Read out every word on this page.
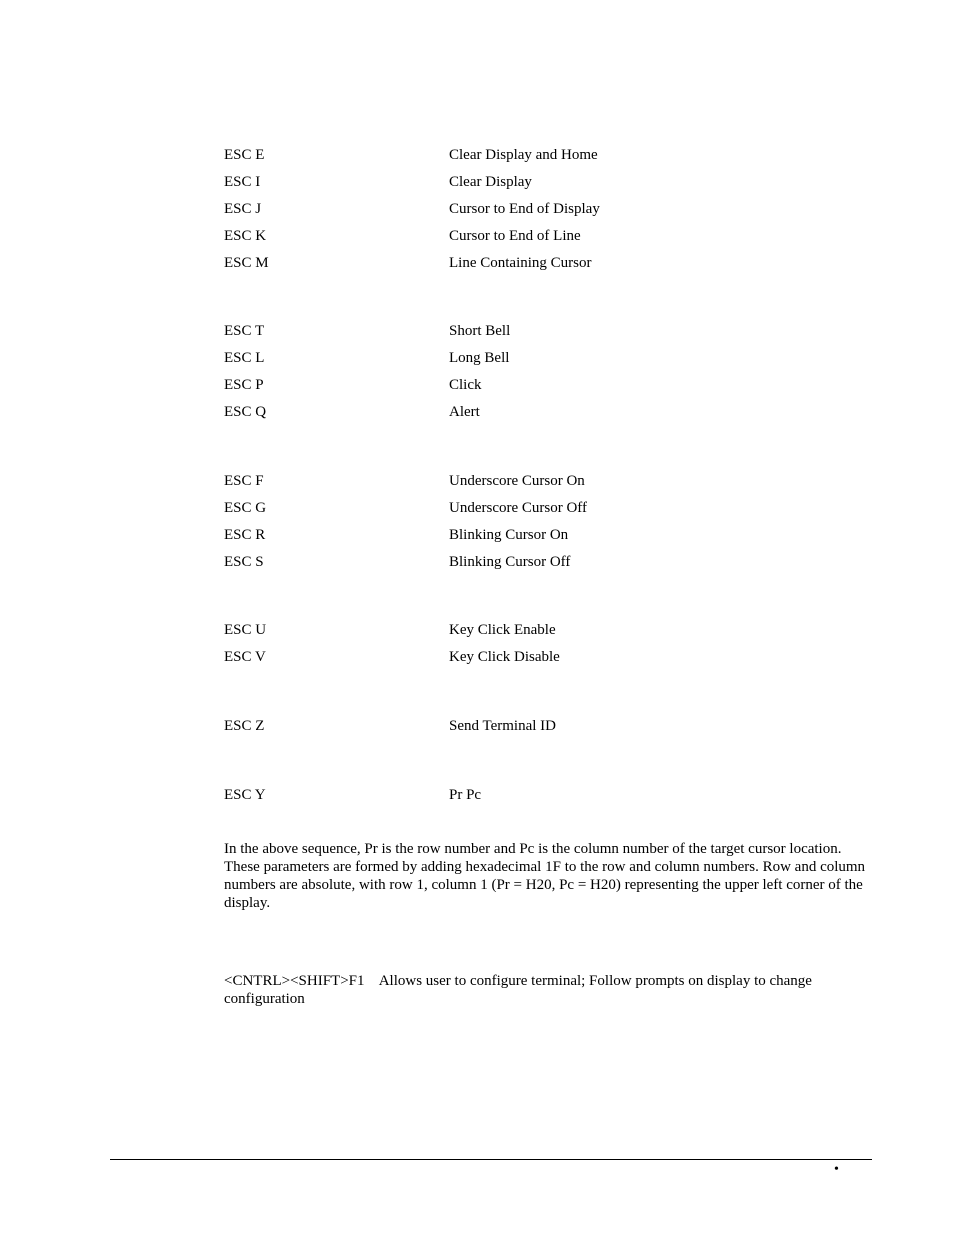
ESC E	Clear Display and Home
ESC I	Clear Display
ESC J	Cursor to End of Display
ESC K	Cursor to End of Line
ESC M	Line Containing Cursor
ESC T	Short Bell
ESC L	Long Bell
ESC P	Click
ESC Q	Alert
ESC F	Underscore Cursor On
ESC G	Underscore Cursor Off
ESC R	Blinking Cursor On
ESC S	Blinking Cursor Off
ESC U	Key Click Enable
ESC V	Key Click Disable
ESC Z	Send Terminal ID
ESC Y	Pr Pc
In the above sequence, Pr is the row number and Pc is the column number of the target cursor location. These parameters are formed by adding hexadecimal 1F to the row and column numbers. Row and column numbers are absolute, with row 1, column 1 (Pr = H20, Pc = H20) representing the upper left corner of the display.
<CNTRL><SHIFT>F1    Allows user to configure terminal; Follow prompts on display to change configuration
•
